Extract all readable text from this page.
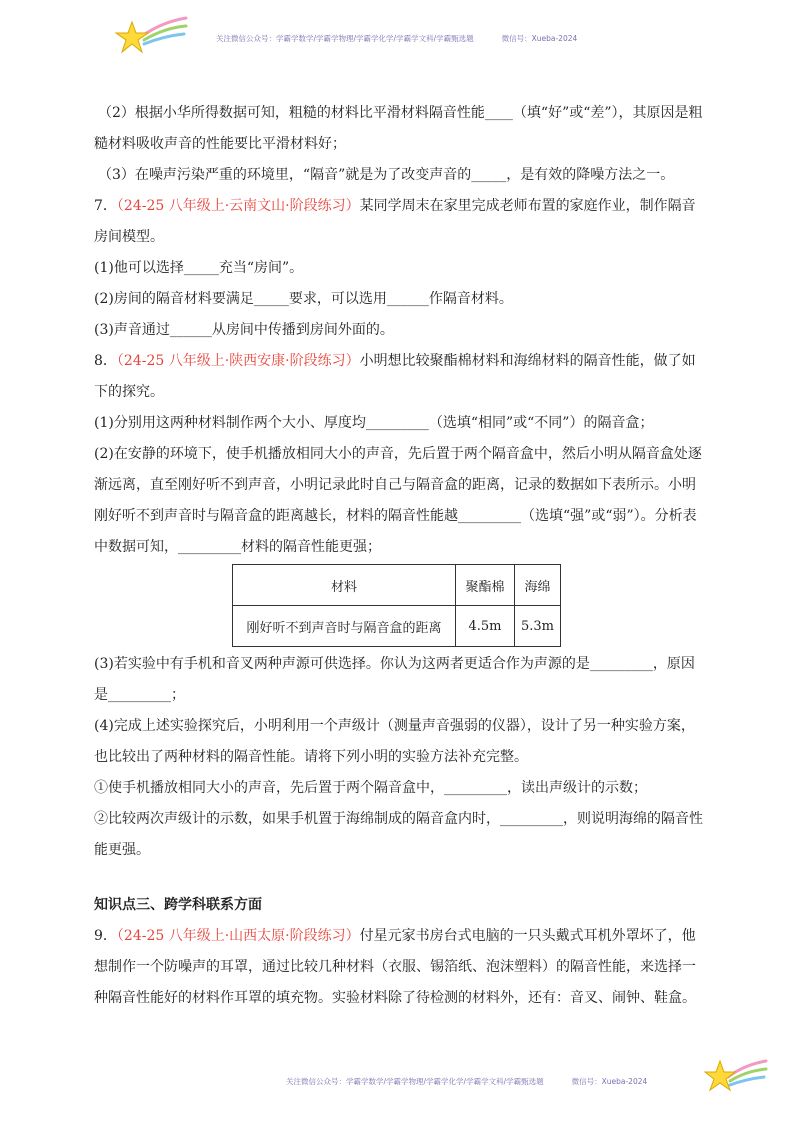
关注微信公众号：学霸学数学/学霸学物理/学霸学化学/学霸学文科/学霸甄选题	微信号：Xueba-2024

（2）根据小华所得数据可知，粗糙的材料比平滑材料隔音性能____（填“好”或“差”），其原因是粗

糙材料吸收声音的性能要比平滑材料好；

（3）在噪声污染严重的环境里，“隔音”就是为了改变声音的_____，是有效的降噪方法之一。

7．（24-25 八年级上·云南文山·阶段练习）某同学周末在家里完成老师布置的家庭作业，制作隔音

房间模型。

(1)他可以选择_____充当“房间”。

(2)房间的隔音材料要满足_____要求，可以选用______作隔音材料。

(3)声音通过______从房间中传播到房间外面的。

8．（24-25 八年级上·陕西安康·阶段练习）小明想比较聚酯棉材料和海绵材料的隔音性能，做了如

下的探究。

(1)分别用这两种材料制作两个大小、厚度均_________（选填“相同”或“不同”）的隔音盒；

(2)在安静的环境下，使手机播放相同大小的声音，先后置于两个隔音盒中，然后小明从隔音盒处逐

渐远离，直至刚好听不到声音，小明记录此时自己与隔音盒的距离，记录的数据如下表所示。小明

刚好听不到声音时与隔音盒的距离越长，材料的隔音性能越_________（选填“强”或“弱”）。分析表

中数据可知，_________材料的隔音性能更强；

材料	聚酯棉	海绵
刚好听不到声音时与隔音盒的距离	4.5m	5.3m

(3)若实验中有手机和音叉两种声源可供选择。你认为这两者更适合作为声源的是_________，原因

是_________；

(4)完成上述实验探究后，小明利用一个声级计（测量声音强弱的仪器），设计了另一种实验方案，

也比较出了两种材料的隔音性能。请将下列小明的实验方法补充完整。

①使手机播放相同大小的声音，先后置于两个隔音盒中，_________，读出声级计的示数；

②比较两次声级计的示数，如果手机置于海绵制成的隔音盒内时，_________，则说明海绵的隔音性

能更强。

知识点三、跨学科联系方面

9．（24-25 八年级上·山西太原·阶段练习）付星元家书房台式电脑的一只头戴式耳机外罩坏了，他

想制作一个防噪声的耳罩，通过比较几种材料（衣服、锡箔纸、泡沫塑料）的隔音性能，来选择一

种隔音性能好的材料作耳罩的填充物。实验材料除了待检测的材料外，还有：音叉、闹钟、鞋盒。

关注微信公众号：学霸学数学/学霸学物理/学霸学化学/学霸学文科/学霸甄选题	微信号：Xueba-2024
